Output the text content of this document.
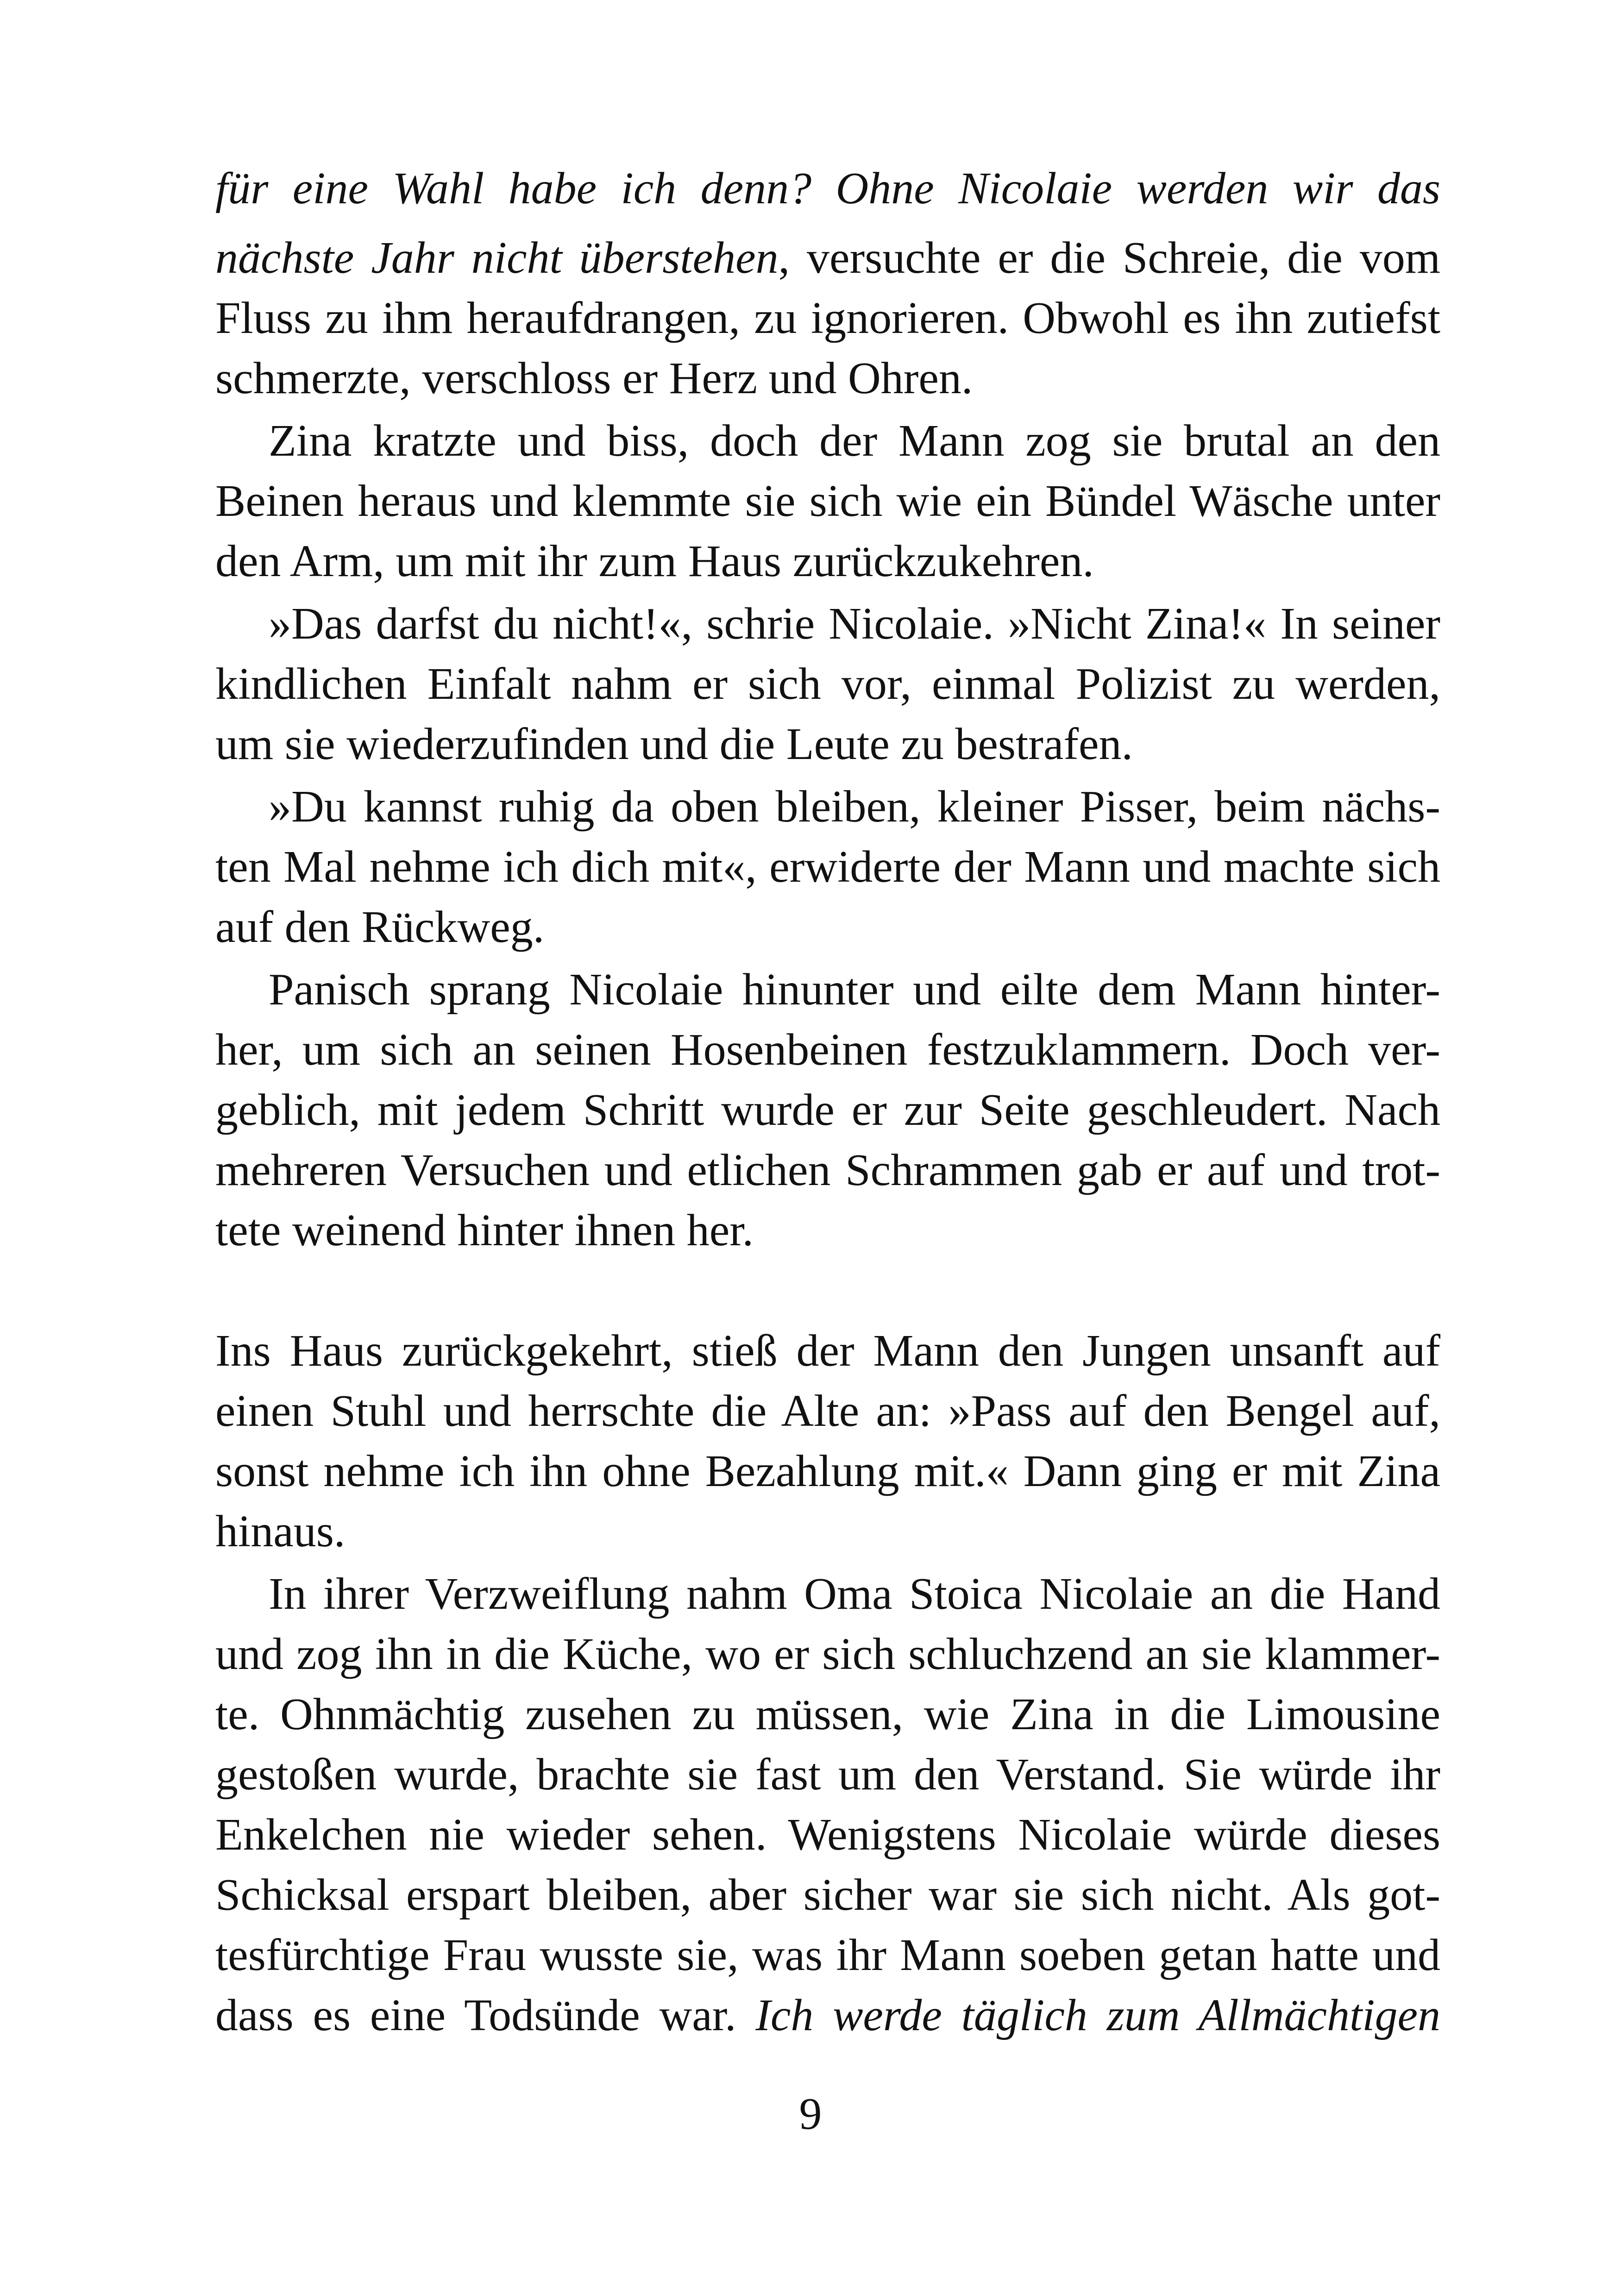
für eine Wahl habe ich denn? Ohne Nicolaie werden wir das
nächste Jahr nicht überstehen, versuchte er die Schreie, die vom
Fluss zu ihm heraufdrangen, zu ignorieren. Obwohl es ihn zutiefst
schmerzte, verschloss er Herz und Ohren.
Zina kratzte und biss, doch der Mann zog sie brutal an den
Beinen heraus und klemmte sie sich wie ein Bündel Wäsche unter
den Arm, um mit ihr zum Haus zurückzukehren.
»Das darfst du nicht!«, schrie Nicolaie. »Nicht Zina!« In seiner
kindlichen Einfalt nahm er sich vor, einmal Polizist zu werden,
um sie wiederzufinden und die Leute zu bestrafen.
»Du kannst ruhig da oben bleiben, kleiner Pisser, beim nächs-
ten Mal nehme ich dich mit«, erwiderte der Mann und machte sich
auf den Rückweg.
Panisch sprang Nicolaie hinunter und eilte dem Mann hinter-
her, um sich an seinen Hosenbeinen festzuklammern. Doch ver-
geblich, mit jedem Schritt wurde er zur Seite geschleudert. Nach
mehreren Versuchen und etlichen Schrammen gab er auf und trot-
tete weinend hinter ihnen her.
Ins Haus zurückgekehrt, stieß der Mann den Jungen unsanft auf
einen Stuhl und herrschte die Alte an: »Pass auf den Bengel auf,
sonst nehme ich ihn ohne Bezahlung mit.« Dann ging er mit Zina
hinaus.
In ihrer Verzweiflung nahm Oma Stoica Nicolaie an die Hand
und zog ihn in die Küche, wo er sich schluchzend an sie klammer-
te. Ohnmächtig zusehen zu müssen, wie Zina in die Limousine
gestoßen wurde, brachte sie fast um den Verstand. Sie würde ihr
Enkelchen nie wieder sehen. Wenigstens Nicolaie würde dieses
Schicksal erspart bleiben, aber sicher war sie sich nicht. Als got-
tesfürchtige Frau wusste sie, was ihr Mann soeben getan hatte und
dass es eine Todsünde war. Ich werde täglich zum Allmächtigen
9
